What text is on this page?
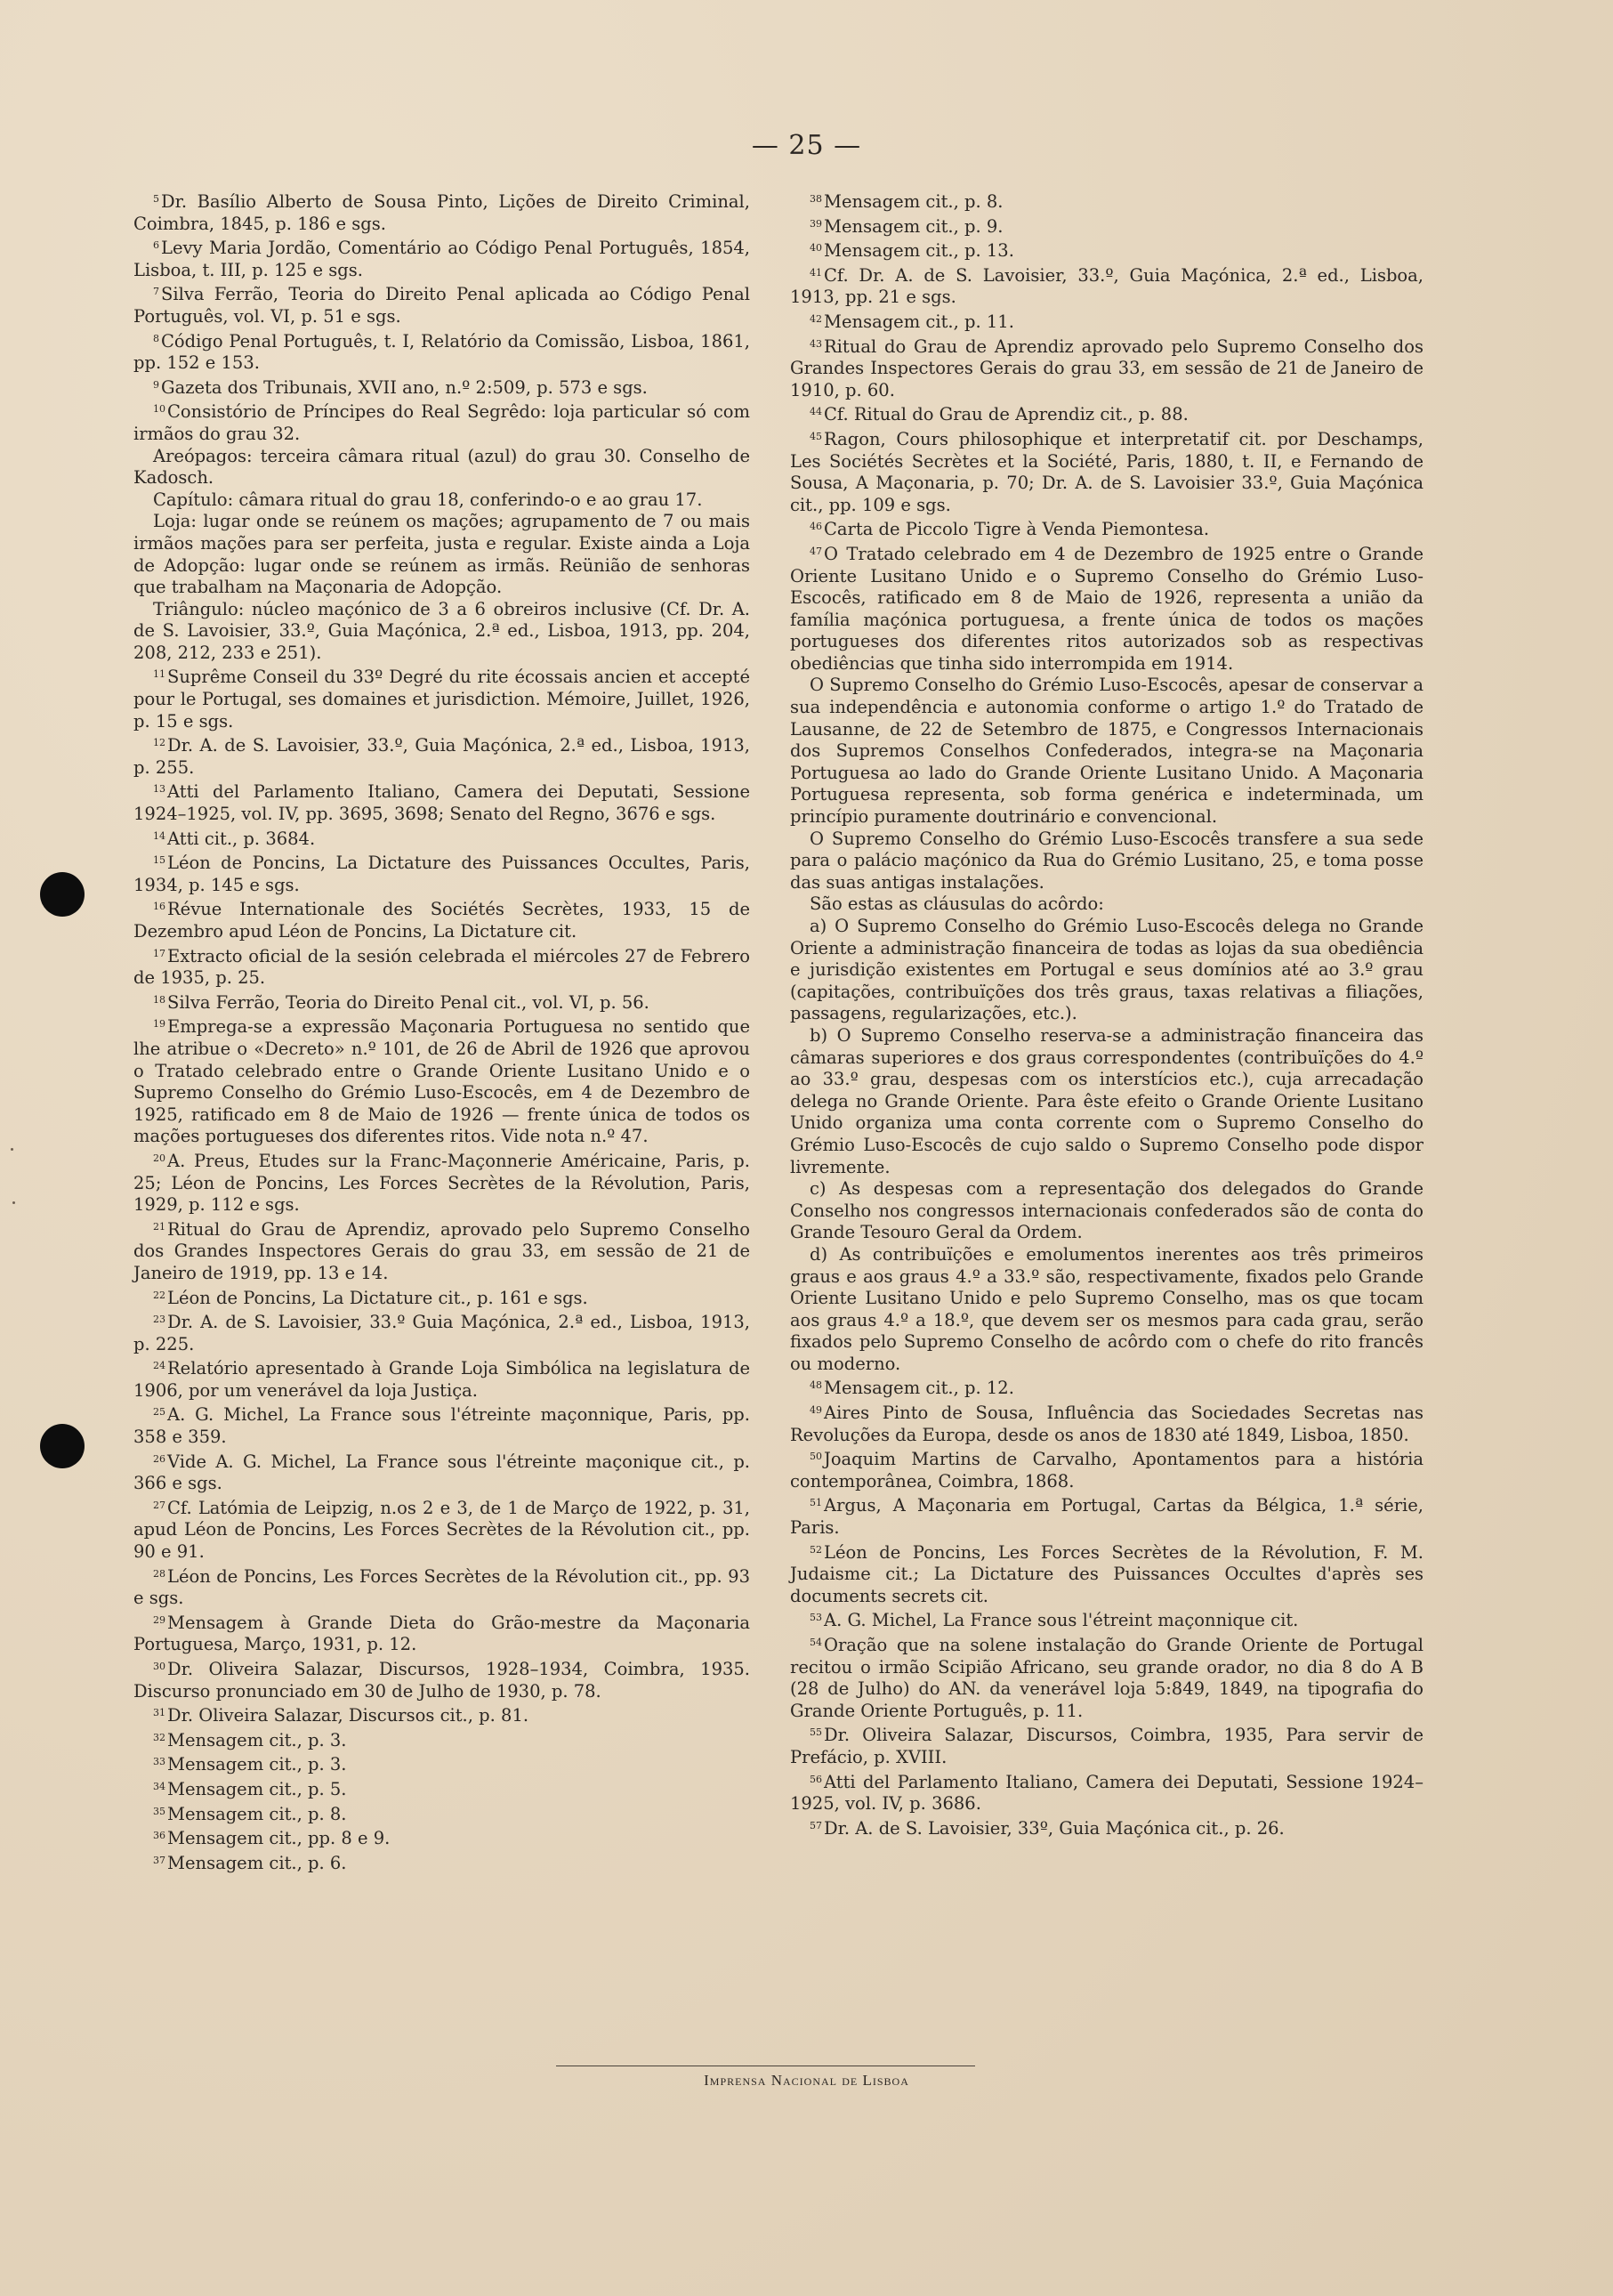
— 25 —

$^5$ Dr. Basílio Alberto de Sousa Pinto, Lições de Direito Criminal, Coimbra, 1845, p. 186 e sgs.

$^6$ Levy Maria Jordão, Comentário ao Código Penal Português, 1854, Lisboa, t. III, p. 125 e sgs.

$^7$ Silva Ferrão, Teoria do Direito Penal aplicada ao Código Penal Português, vol. VI, p. 51 e sgs.

$^8$ Código Penal Português, t. I, Relatório da Comissão, Lisboa, 1861, pp. 152 e 153.

$^9$ Gazeta dos Tribunais, XVII ano, n.º 2:509, p. 573 e sgs.

$^{10}$ Consistório de Príncipes do Real Segrêdo: loja particular só com irmãos do grau 32.

Areópagos: terceira câmara ritual (azul) do grau 30. Conselho de Kadosch.

Capítulo: câmara ritual do grau 18, conferindo-o e ao grau 17.

Loja: lugar onde se reúnem os mações; agrupamento de 7 ou mais irmãos mações para ser perfeita, justa e regular. Existe ainda a Loja de Adopção: lugar onde se reúnem as irmãs. Reünião de senhoras que trabalham na Maçonaria de Adopção.

Triângulo: núcleo maçónico de 3 a 6 obreiros inclusive (Cf. Dr. A. de S. Lavoisier, 33.º, Guia Maçónica, 2.ª ed., Lisboa, 1913, pp. 204, 208, 212, 233 e 251).

$^{11}$ Suprême Conseil du 33º Degré du rite écossais ancien et accepté pour le Portugal, ses domaines et jurisdiction. Mémoire, Juillet, 1926, p. 15 e sgs.

$^{12}$ Dr. A. de S. Lavoisier, 33.º, Guia Maçónica, 2.ª ed., Lisboa, 1913, p. 255.

$^{13}$ Atti del Parlamento Italiano, Camera dei Deputati, Sessione 1924–1925, vol. IV, pp. 3695, 3698; Senato del Regno, 3676 e sgs.

$^{14}$ Atti cit., p. 3684.

$^{15}$ Léon de Poncins, La Dictature des Puissances Occultes, Paris, 1934, p. 145 e sgs.

$^{16}$ Révue Internationale des Sociétés Secrètes, 1933, 15 de Dezembro apud Léon de Poncins, La Dictature cit.

$^{17}$ Extracto oficial de la sesión celebrada el miércoles 27 de Febrero de 1935, p. 25.

$^{18}$ Silva Ferrão, Teoria do Direito Penal cit., vol. VI, p. 56.

$^{19}$ Emprega-se a expressão Maçonaria Portuguesa no sentido que lhe atribue o «Decreto» n.º 101, de 26 de Abril de 1926 que aprovou o Tratado celebrado entre o Grande Oriente Lusitano Unido e o Supremo Conselho do Grémio Luso-Escocês, em 4 de Dezembro de 1925, ratificado em 8 de Maio de 1926 — frente única de todos os mações portugueses dos diferentes ritos. Vide nota n.º 47.

$^{20}$ A. Preus, Etudes sur la Franc-Maçonnerie Américaine, Paris, p. 25; Léon de Poncins, Les Forces Secrètes de la Révolution, Paris, 1929, p. 112 e sgs.

$^{21}$ Ritual do Grau de Aprendiz, aprovado pelo Supremo Conselho dos Grandes Inspectores Gerais do grau 33, em sessão de 21 de Janeiro de 1919, pp. 13 e 14.

$^{22}$ Léon de Poncins, La Dictature cit., p. 161 e sgs.

$^{23}$ Dr. A. de S. Lavoisier, 33.º Guia Maçónica, 2.ª ed., Lisboa, 1913, p. 225.

$^{24}$ Relatório apresentado à Grande Loja Simbólica na legislatura de 1906, por um venerável da loja Justiça.

$^{25}$ A. G. Michel, La France sous l'étreinte maçonnique, Paris, pp. 358 e 359.

$^{26}$ Vide A. G. Michel, La France sous l'étreinte maçonique cit., p. 366 e sgs.

$^{27}$ Cf. Latómia de Leipzig, n.os 2 e 3, de 1 de Março de 1922, p. 31, apud Léon de Poncins, Les Forces Secrètes de la Révolution cit., pp. 90 e 91.

$^{28}$ Léon de Poncins, Les Forces Secrètes de la Révolution cit., pp. 93 e sgs.

$^{29}$ Mensagem à Grande Dieta do Grão-mestre da Maçonaria Portuguesa, Março, 1931, p. 12.

$^{30}$ Dr. Oliveira Salazar, Discursos, 1928–1934, Coimbra, 1935. Discurso pronunciado em 30 de Julho de 1930, p. 78.

$^{31}$ Dr. Oliveira Salazar, Discursos cit., p. 81.

$^{32}$ Mensagem cit., p. 3.

$^{33}$ Mensagem cit., p. 3.

$^{34}$ Mensagem cit., p. 5.

$^{35}$ Mensagem cit., p. 8.

$^{36}$ Mensagem cit., pp. 8 e 9.

$^{37}$ Mensagem cit., p. 6.

$^{38}$ Mensagem cit., p. 8.

$^{39}$ Mensagem cit., p. 9.

$^{40}$ Mensagem cit., p. 13.

$^{41}$ Cf. Dr. A. de S. Lavoisier, 33.º, Guia Maçónica, 2.ª ed., Lisboa, 1913, pp. 21 e sgs.

$^{42}$ Mensagem cit., p. 11.

$^{43}$ Ritual do Grau de Aprendiz aprovado pelo Supremo Conselho dos Grandes Inspectores Gerais do grau 33, em sessão de 21 de Janeiro de 1910, p. 60.

$^{44}$ Cf. Ritual do Grau de Aprendiz cit., p. 88.

$^{45}$ Ragon, Cours philosophique et interpretatif cit. por Deschamps, Les Sociétés Secrètes et la Société, Paris, 1880, t. II, e Fernando de Sousa, A Maçonaria, p. 70; Dr. A. de S. Lavoisier 33.º, Guia Maçónica cit., pp. 109 e sgs.

$^{46}$ Carta de Piccolo Tigre à Venda Piemontesa.

$^{47}$ O Tratado celebrado em 4 de Dezembro de 1925 entre o Grande Oriente Lusitano Unido e o Supremo Conselho do Grémio Luso-Escocês, ratificado em 8 de Maio de 1926, representa a união da família maçónica portuguesa, a frente única de todos os mações portugueses dos diferentes ritos autorizados sob as respectivas obediências que tinha sido interrompida em 1914.

O Supremo Conselho do Grémio Luso-Escocês, apesar de conservar a sua independência e autonomia conforme o artigo 1.º do Tratado de Lausanne, de 22 de Setembro de 1875, e Congressos Internacionais dos Supremos Conselhos Confederados, integra-se na Maçonaria Portuguesa ao lado do Grande Oriente Lusitano Unido. A Maçonaria Portuguesa representa, sob forma genérica e indeterminada, um princípio puramente doutrinário e convencional.

O Supremo Conselho do Grémio Luso-Escocês transfere a sua sede para o palácio maçónico da Rua do Grémio Lusitano, 25, e toma posse das suas antigas instalações.

São estas as cláusulas do acôrdo:

a) O Supremo Conselho do Grémio Luso-Escocês delega no Grande Oriente a administração financeira de todas as lojas da sua obediência e jurisdição existentes em Portugal e seus domínios até ao 3.º grau (capitações, contribuïções dos três graus, taxas relativas a filiações, passagens, regularizações, etc.).

b) O Supremo Conselho reserva-se a administração financeira das câmaras superiores e dos graus correspondentes (contribuïções do 4.º ao 33.º grau, despesas com os interstícios etc.), cuja arrecadação delega no Grande Oriente. Para êste efeito o Grande Oriente Lusitano Unido organiza uma conta corrente com o Supremo Conselho do Grémio Luso-Escocês de cujo saldo o Supremo Conselho pode dispor livremente.

c) As despesas com a representação dos delegados do Grande Conselho nos congressos internacionais confederados são de conta do Grande Tesouro Geral da Ordem.

d) As contribuïções e emolumentos inerentes aos três primeiros graus e aos graus 4.º a 33.º são, respectivamente, fixados pelo Grande Oriente Lusitano Unido e pelo Supremo Conselho, mas os que tocam aos graus 4.º a 18.º, que devem ser os mesmos para cada grau, serão fixados pelo Supremo Conselho de acôrdo com o chefe do rito francês ou moderno.

$^{48}$ Mensagem cit., p. 12.

$^{49}$ Aires Pinto de Sousa, Influência das Sociedades Secretas nas Revoluções da Europa, desde os anos de 1830 até 1849, Lisboa, 1850.

$^{50}$ Joaquim Martins de Carvalho, Apontamentos para a história contemporânea, Coimbra, 1868.

$^{51}$ Argus, A Maçonaria em Portugal, Cartas da Bélgica, 1.ª série, Paris.

$^{52}$ Léon de Poncins, Les Forces Secrètes de la Révolution, F. M. Judaisme cit.; La Dictature des Puissances Occultes d'après ses documents secrets cit.

$^{53}$ A. G. Michel, La France sous l'étreint maçonnique cit.

$^{54}$ Oração que na solene instalação do Grande Oriente de Portugal recitou o irmão Scipião Africano, seu grande orador, no dia 8 do A B (28 de Julho) do AN. da venerável loja 5:849, 1849, na tipografia do Grande Oriente Português, p. 11.

$^{55}$ Dr. Oliveira Salazar, Discursos, Coimbra, 1935, Para servir de Prefácio, p. XVIII.

$^{56}$ Atti del Parlamento Italiano, Camera dei Deputati, Sessione 1924–1925, vol. IV, p. 3686.

$^{57}$ Dr. A. de S. Lavoisier, 33º, Guia Maçónica cit., p. 26.

Imprensa Nacional de Lisboa
